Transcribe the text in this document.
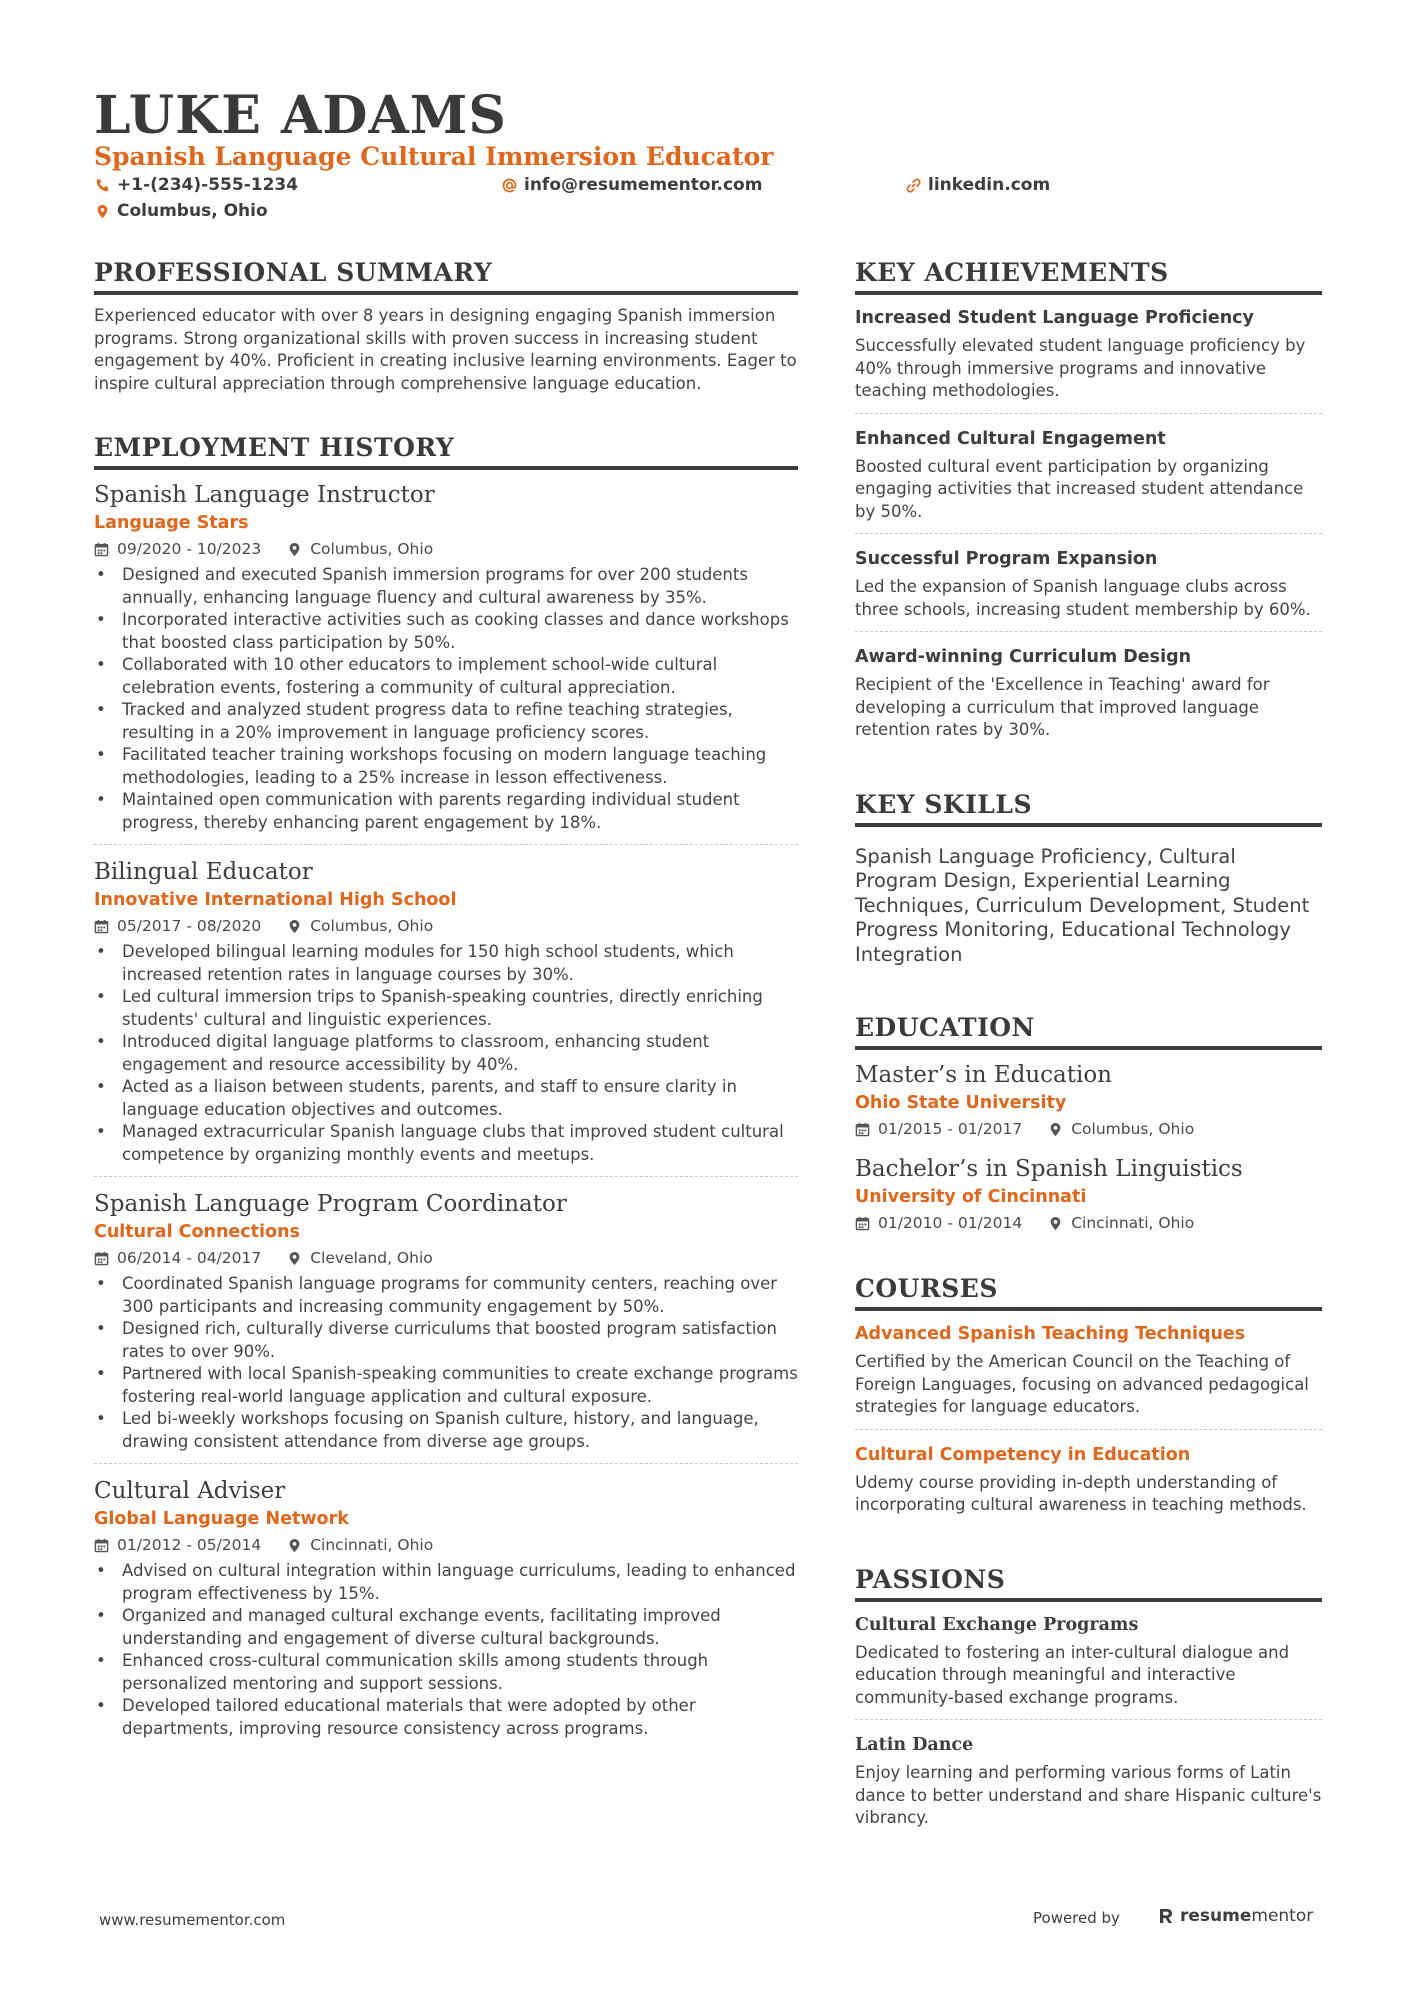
LUKE ADAMS
Spanish Language Cultural Immersion Educator
+1-(234)-555-1234	info@resumementor.com	linkedin.com
Columbus, Ohio
PROFESSIONAL SUMMARY

Experienced educator with over 8 years in designing engaging Spanish immersion programs. Strong organizational skills with proven success in increasing student engagement by 40%. Proficient in creating inclusive learning environments. Eager to inspire cultural appreciation through comprehensive language education.

EMPLOYMENT HISTORY
Spanish Language Instructor
Language Stars
09/2020 - 10/2023	Columbus, Ohio
• Designed and executed Spanish immersion programs for over 200 students annually, enhancing language fluency and cultural awareness by 35%.
• Incorporated interactive activities such as cooking classes and dance workshops that boosted class participation by 50%.
• Collaborated with 10 other educators to implement school-wide cultural celebration events, fostering a community of cultural appreciation.
• Tracked and analyzed student progress data to refine teaching strategies, resulting in a 20% improvement in language proficiency scores.
• Facilitated teacher training workshops focusing on modern language teaching methodologies, leading to a 25% increase in lesson effectiveness.
• Maintained open communication with parents regarding individual student progress, thereby enhancing parent engagement by 18%.
Bilingual Educator
Innovative International High School
05/2017 - 08/2020	Columbus, Ohio
• Developed bilingual learning modules for 150 high school students, which increased retention rates in language courses by 30%.
• Led cultural immersion trips to Spanish-speaking countries, directly enriching students' cultural and linguistic experiences.
• Introduced digital language platforms to classroom, enhancing student engagement and resource accessibility by 40%.
• Acted as a liaison between students, parents, and staff to ensure clarity in language education objectives and outcomes.
• Managed extracurricular Spanish language clubs that improved student cultural competence by organizing monthly events and meetups.
Spanish Language Program Coordinator
Cultural Connections
06/2014 - 04/2017	Cleveland, Ohio
• Coordinated Spanish language programs for community centers, reaching over 300 participants and increasing community engagement by 50%.
• Designed rich, culturally diverse curriculums that boosted program satisfaction rates to over 90%.
• Partnered with local Spanish-speaking communities to create exchange programs fostering real-world language application and cultural exposure.
• Led bi-weekly workshops focusing on Spanish culture, history, and language, drawing consistent attendance from diverse age groups.
Cultural Adviser
Global Language Network
01/2012 - 05/2014	Cincinnati, Ohio
• Advised on cultural integration within language curriculums, leading to enhanced program effectiveness by 15%.
• Organized and managed cultural exchange events, facilitating improved understanding and engagement of diverse cultural backgrounds.
• Enhanced cross-cultural communication skills among students through personalized mentoring and support sessions.
• Developed tailored educational materials that were adopted by other departments, improving resource consistency across programs.
KEY ACHIEVEMENTS
Increased Student Language Proficiency

Successfully elevated student language proficiency by 40% through immersive programs and innovative teaching methodologies.

Enhanced Cultural Engagement

Boosted cultural event participation by organizing engaging activities that increased student attendance by 50%.

Successful Program Expansion

Led the expansion of Spanish language clubs across three schools, increasing student membership by 60%.

Award-winning Curriculum Design

Recipient of the 'Excellence in Teaching' award for developing a curriculum that improved language retention rates by 30%.

KEY SKILLS

Spanish Language Proficiency, Cultural Program Design, Experiential Learning Techniques, Curriculum Development, Student Progress Monitoring, Educational Technology Integration

EDUCATION
Master’s in Education
Ohio State University
01/2015 - 01/2017	Columbus, Ohio
Bachelor’s in Spanish Linguistics
University of Cincinnati
01/2010 - 01/2014	Cincinnati, Ohio
COURSES
Advanced Spanish Teaching Techniques

Certified by the American Council on the Teaching of Foreign Languages, focusing on advanced pedagogical strategies for language educators.

Cultural Competency in Education

Udemy course providing in-depth understanding of incorporating cultural awareness in teaching methods.

PASSIONS
Cultural Exchange Programs

Dedicated to fostering an inter-cultural dialogue and education through meaningful and interactive community-based exchange programs.

Latin Dance

Enjoy learning and performing various forms of Latin dance to better understand and share Hispanic culture's vibrancy.

www.resumementor.com	Powered by	resumementor
